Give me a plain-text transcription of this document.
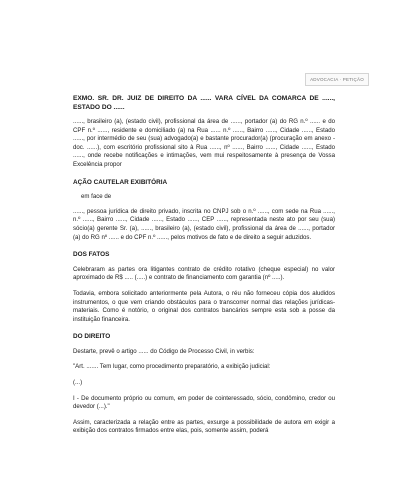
ADVOCACIA · PETIÇÃO

EXMO. SR. DR. JUIZ DE DIREITO DA ...... VARA CÍVEL DA COMARCA DE ......, ESTADO DO ......

......, brasileiro (a), (estado civil), profissional da área de ......, portador (a) do RG n.º ...... e do CPF n.º ......, residente e domiciliado (a) na Rua ...... n.º ......, Bairro ......, Cidade ......, Estado ......, por intermédio de seu (sua) advogado(a) e bastante procurador(a) (procuração em anexo - doc. ......), com escritório profissional sito à Rua ......, nº ......, Bairro ......, Cidade ......, Estado ......, onde recebe notificações e intimações, vem mui respeitosamente à presença de Vossa Excelência propor

AÇÃO CAUTELAR EXIBITÓRIA

em face de

......, pessoa jurídica de direito privado, inscrita no CNPJ sob o n.º ......, com sede na Rua ......, n.º ......, Bairro ......, Cidade ......, Estado ......, CEP ......, representada neste ato por seu (sua) sócio(a) gerente Sr. (a), ......, brasileiro (a), (estado civil), profissional da área de ......, portador (a) do RG nº ...... e do CPF n.º ......, pelos motivos de fato e de direito a seguir aduzidos.

DOS FATOS

Celebraram as partes ora litigantes contrato de crédito rotativo (cheque especial) no valor aproximado de R$ ..... (.....) e contrato de financiamento com garantia (nº .....).

Todavia, embora solicitado anteriormente pela Autora, o réu não forneceu cópia dos aludidos instrumentos, o que vem criando obstáculos para o transcorrer normal das relações jurídicas-materiais. Como é notório, o original dos contratos bancários sempre esta sob a posse da instituição financeira.

DO DIREITO

Destarte, prevê o artigo ...... do Código de Processo Civil, in verbis:

"Art. ....... Tem lugar, como procedimento preparatório, a exibição judicial:

(...)

I - De documento próprio ou comum, em poder de cointeressado, sócio, condômino, credor ou devedor (...)."

Assim, caracterizada a relação entre as partes, exsurge a possibilidade de autora em exigir a exibição dos contratos firmados entre elas, pois, somente assim, poderá
